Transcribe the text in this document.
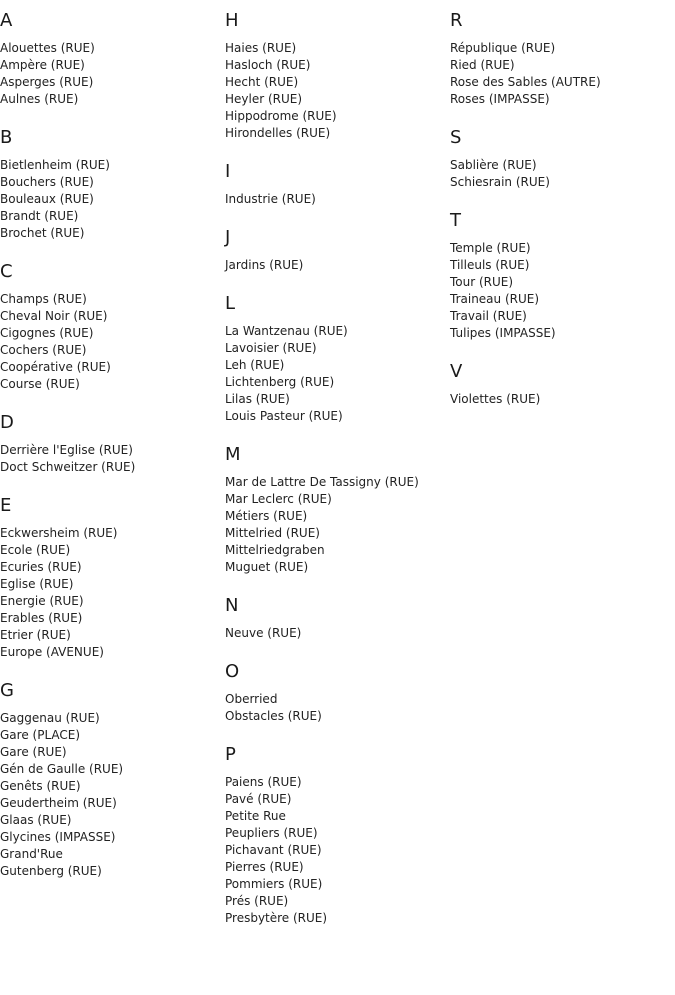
A
Alouettes (RUE)
Ampère (RUE)
Asperges (RUE)
Aulnes (RUE)
B
Bietlenheim (RUE)
Bouchers (RUE)
Bouleaux (RUE)
Brandt (RUE)
Brochet (RUE)
C
Champs (RUE)
Cheval Noir (RUE)
Cigognes (RUE)
Cochers (RUE)
Coopérative (RUE)
Course (RUE)
D
Derrière l'Eglise (RUE)
Doct Schweitzer (RUE)
E
Eckwersheim (RUE)
Ecole (RUE)
Ecuries (RUE)
Eglise (RUE)
Energie (RUE)
Erables (RUE)
Etrier (RUE)
Europe (AVENUE)
G
Gaggenau (RUE)
Gare (PLACE)
Gare (RUE)
Gén de Gaulle (RUE)
Genêts (RUE)
Geudertheim (RUE)
Glaas (RUE)
Glycines (IMPASSE)
Grand'Rue
Gutenberg (RUE)
H
Haies (RUE)
Hasloch (RUE)
Hecht (RUE)
Heyler (RUE)
Hippodrome (RUE)
Hirondelles (RUE)
I
Industrie (RUE)
J
Jardins (RUE)
L
La Wantzenau (RUE)
Lavoisier (RUE)
Leh (RUE)
Lichtenberg (RUE)
Lilas (RUE)
Louis Pasteur (RUE)
M
Mar de Lattre De Tassigny (RUE)
Mar Leclerc (RUE)
Métiers (RUE)
Mittelried (RUE)
Mittelriedgraben
Muguet (RUE)
N
Neuve (RUE)
O
Oberried
Obstacles (RUE)
P
Paiens (RUE)
Pavé (RUE)
Petite Rue
Peupliers (RUE)
Pichavant (RUE)
Pierres (RUE)
Pommiers (RUE)
Prés (RUE)
Presbytère (RUE)
R
République (RUE)
Ried (RUE)
Rose des Sables (AUTRE)
Roses (IMPASSE)
S
Sablière (RUE)
Schiesrain (RUE)
T
Temple (RUE)
Tilleuls (RUE)
Tour (RUE)
Traineau (RUE)
Travail (RUE)
Tulipes (IMPASSE)
V
Violettes (RUE)
